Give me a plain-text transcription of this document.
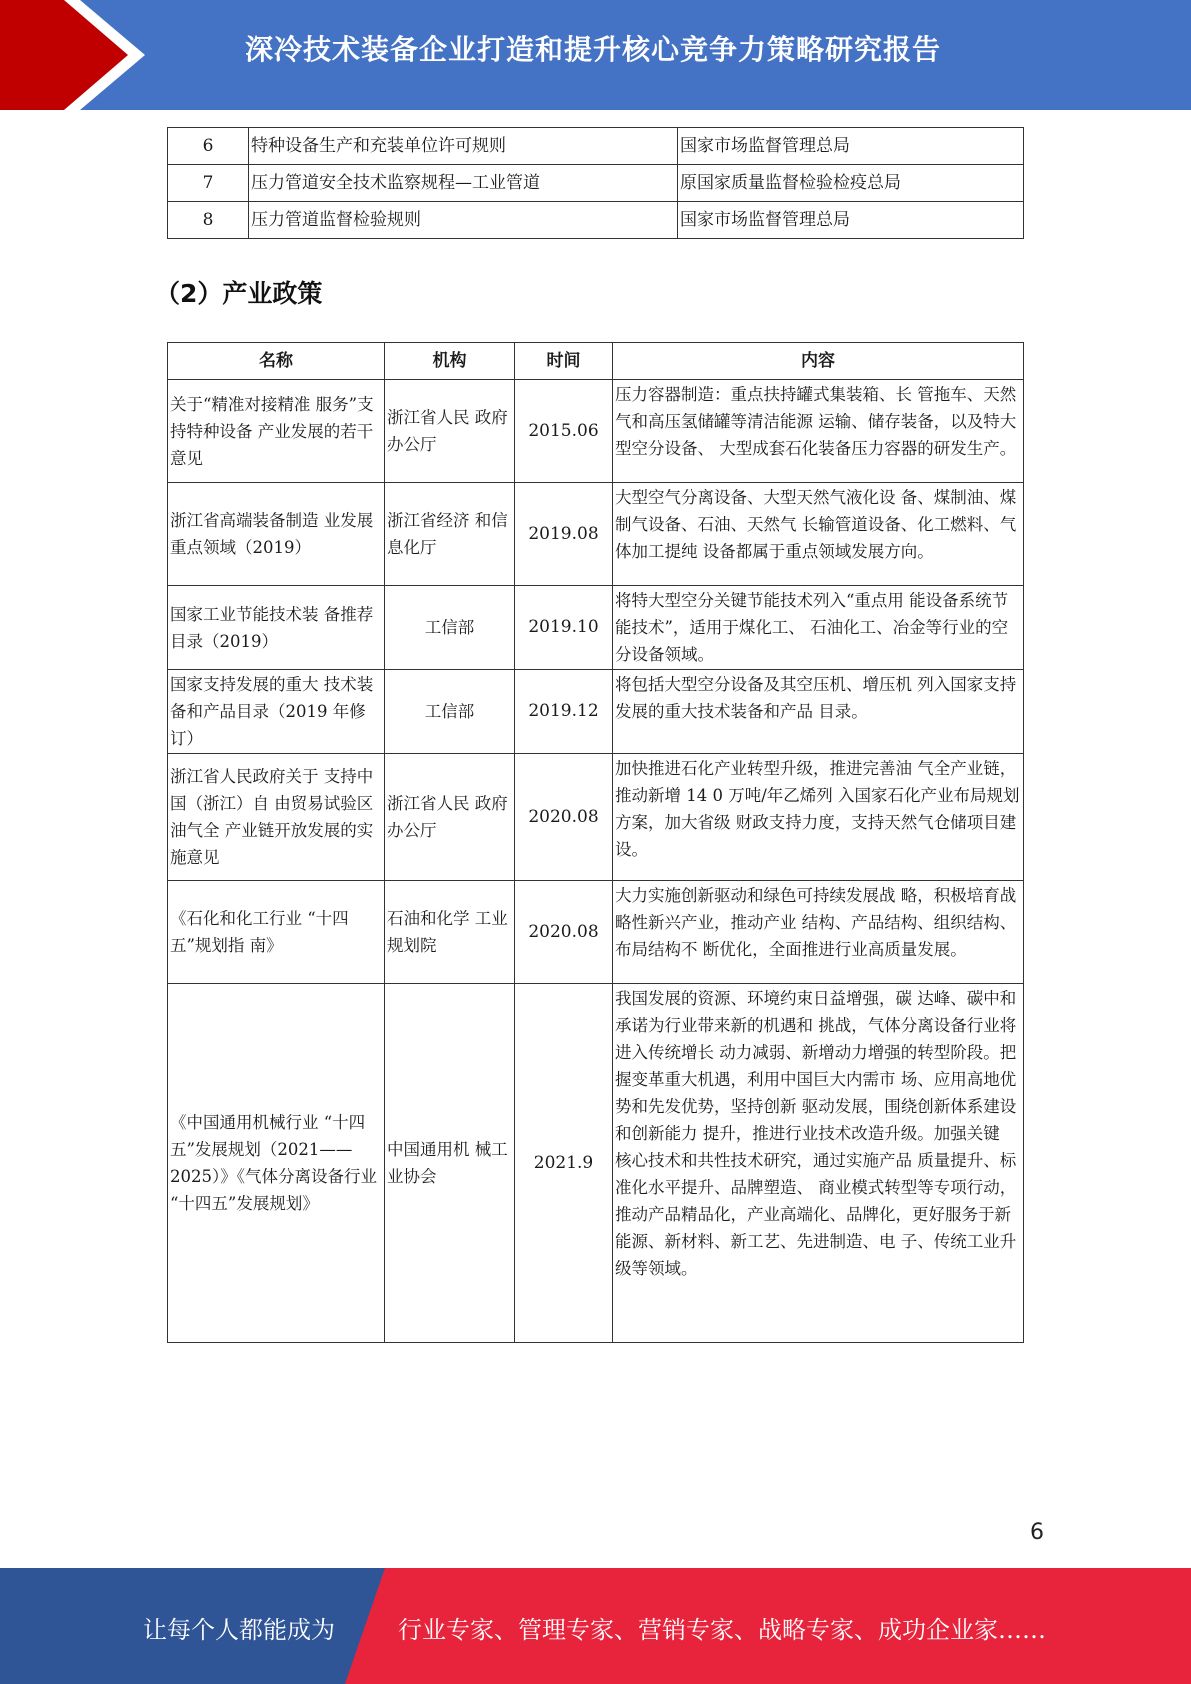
深冷技术装备企业打造和提升核心竞争力策略研究报告
6	特种设备生产和充装单位许可规则	国家市场监督管理总局
7	压力管道安全技术监察规程—工业管道	原国家质量监督检验检疫总局
8	压力管道监督检验规则	国家市场监督管理总局
（2）产业政策
名称	机构	时间	内容
关于“精准对接精准 服务”支持特种设备 产业发展的若干意见	浙江省人民 政府办公厅	2015.06	压力容器制造：重点扶持罐式集装箱、长 管拖车、天然气和高压氢储罐等清洁能源 运输、储存装备，以及特大型空分设备、 大型成套石化装备压力容器的研发生产。
浙江省高端装备制造 业发展重点领域（2019）	浙江省经济 和信息化厅	2019.08	大型空气分离设备、大型天然气液化设 备、煤制油、煤制气设备、石油、天然气 长输管道设备、化工燃料、气体加工提纯 设备都属于重点领域发展方向。
国家工业节能技术装 备推荐目录（2019）	工信部	2019.10	将特大型空分关键节能技术列入“重点用 能设备系统节能技术”，适用于煤化工、 石油化工、冶金等行业的空分设备领域。
国家支持发展的重大 技术装备和产品目录（2019 年修订）	工信部	2019.12	将包括大型空分设备及其空压机、增压机 列入国家支持发展的重大技术装备和产品 目录。
浙江省人民政府关于 支持中国（浙江）自 由贸易试验区油气全 产业链开放发展的实 施意见	浙江省人民 政府办公厅	2020.08	加快推进石化产业转型升级，推进完善油 气全产业链，推动新增 14 0 万吨/年乙烯列 入国家石化产业布局规划方案，加大省级 财政支持力度，支持天然气仓储项目建 设。
《石化和化工行业 “十四五”规划指 南》	石油和化学 工业规划院	2020.08	大力实施创新驱动和绿色可持续发展战 略，积极培育战略性新兴产业，推动产业 结构、产品结构、组织结构、布局结构不 断优化，全面推进行业高质量发展。
《中国通用机械行业 “十四五”发展规划（2021——2025）》《气体分离设备行业 “十四五”发展规划》	中国通用机 械工业协会	2021.9	我国发展的资源、环境约束日益增强，碳 达峰、碳中和承诺为行业带来新的机遇和 挑战，气体分离设备行业将进入传统增长 动力减弱、新增动力增强的转型阶段。把 握变革重大机遇，利用中国巨大内需市 场、应用高地优势和先发优势，坚持创新 驱动发展，围绕创新体系建设和创新能力 提升，推进行业技术改造升级。加强关键 核心技术和共性技术研究，通过实施产品 质量提升、标准化水平提升、品牌塑造、 商业模式转型等专项行动，推动产品精品化，产业高端化、品牌化，更好服务于新 能源、新材料、新工艺、先进制造、电 子、传统工业升级等领域。
6
让每个人都能成为	行业专家、管理专家、营销专家、战略专家、成功企业家……
